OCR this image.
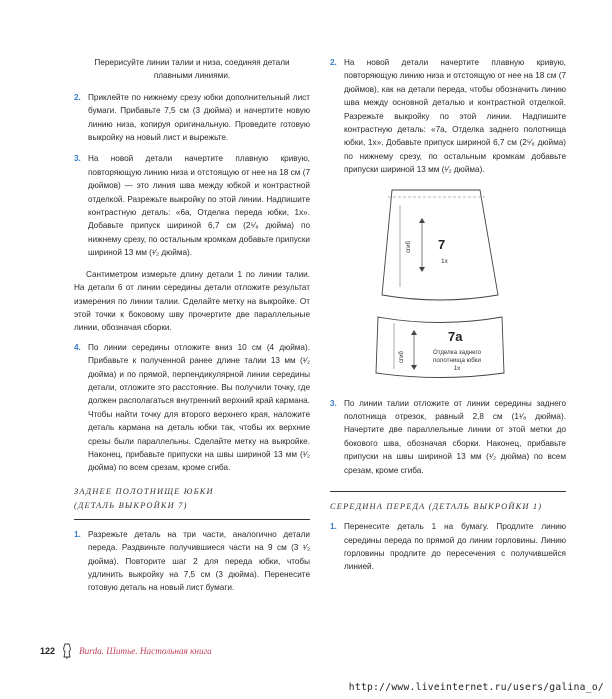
Перерисуйте линии талии и низа, соединяя детали плавными линиями.

2. Приклейте по нижнему срезу юбки дополнительный лист бумаги. Прибавьте 7,5 см (3 дюйма) и начертите новую линию низа, копируя оригинальную. Проведите готовую выкройку на новый лист и вырежьте.
3. На новой детали начертите плавную кривую, повторяющую линию низа и отстоящую от нее на 18 см (7 дюймов) — это линия шва между юбкой и контрастной отделкой. Разрежьте выкройку по этой линии. Надпишите контрастную деталь: «6a, Отделка переда юбки, 1x». Добавьте припуск шириной 6,7 см (2⁵⁄₈ дюйма) по нижнему срезу, по остальным кромкам добавьте припуски шириной 13 мм (¹⁄₂ дюйма).

Сантиметром измерьте длину детали 1 по линии талии. На детали 6 от линии середины детали отложите результат измерения по линии талии. Сделайте метку на выкройке. От этой точки к боковому шву прочертите две параллельные линии, обозначая сборки.

4. По линии середины отложите вниз 10 см (4 дюйма). Прибавьте к полученной ранее длине талии 13 мм (¹⁄₂ дюйма) и по прямой, перпендикулярной линии середины детали, отложите это расстояние. Вы получили точку, где должен располагаться внутренний верхний край кармана. Чтобы найти точку для второго верхнего края, наложите деталь кармана на деталь юбки так, чтобы их верхние срезы были параллельны. Сделайте метку на выкройке. Наконец, прибавьте припуски на швы шириной 13 мм (¹⁄₂ дюйма) по всем срезам, кроме сгиба.
ЗАДНЕЕ ПОЛОТНИЩЕ ЮБКИ
(ДЕТАЛЬ ВЫКРОЙКИ 7)
1. Разрежьте деталь на три части, аналогично детали переда. Раздвиньте получившиеся части на 9 см (3 ¹⁄₂ дюйма). Повторите шаг 2 для переда юбки, чтобы удлинить выкройку на 7,5 см (3 дюйма). Перенесите готовую деталь на новый лист бумаги.
2. На новой детали начертите плавную кривую, повторяющую линию низа и отстоящую от нее на 18 см (7 дюймов), как на детали переда, чтобы обозначить линию шва между основной деталью и контрастной отделкой. Разрежьте выкройку по этой линии. Надпишите контрастную деталь: «7a, Отделка заднего полотнища юбки, 1x». Добавьте припуск шириной 6,7 см (2⁵⁄₈ дюйма) по нижнему срезу, по остальным кромкам добавьте припуски шириной 13 мм (¹⁄₂ дюйма).
сгиб 7
1x
сгиб
7a
Отделка заднего
полотнища юбки
1x
3. По линии талии отложите от линии середины заднего полотнища отрезок, равный 2,8 см (1¹⁄₈ дюйма). Начертите две параллельные линии от этой метки до бокового шва, обозначая сборки. Наконец, прибавьте припуски на швы шириной 13 мм (¹⁄₂ дюйма) по всем срезам, кроме сгиба.
СЕРЕДИНА ПЕРЕДА (ДЕТАЛЬ ВЫКРОЙКИ 1)
1. Перенесите деталь 1 на бумагу. Продлите линию середины переда по прямой до линии горловины. Линию горловины продлите до пересечения с получившейся линией.
122	Burda. Шитье. Настольная книга
http://www.liveinternet.ru/users/galina_o/
